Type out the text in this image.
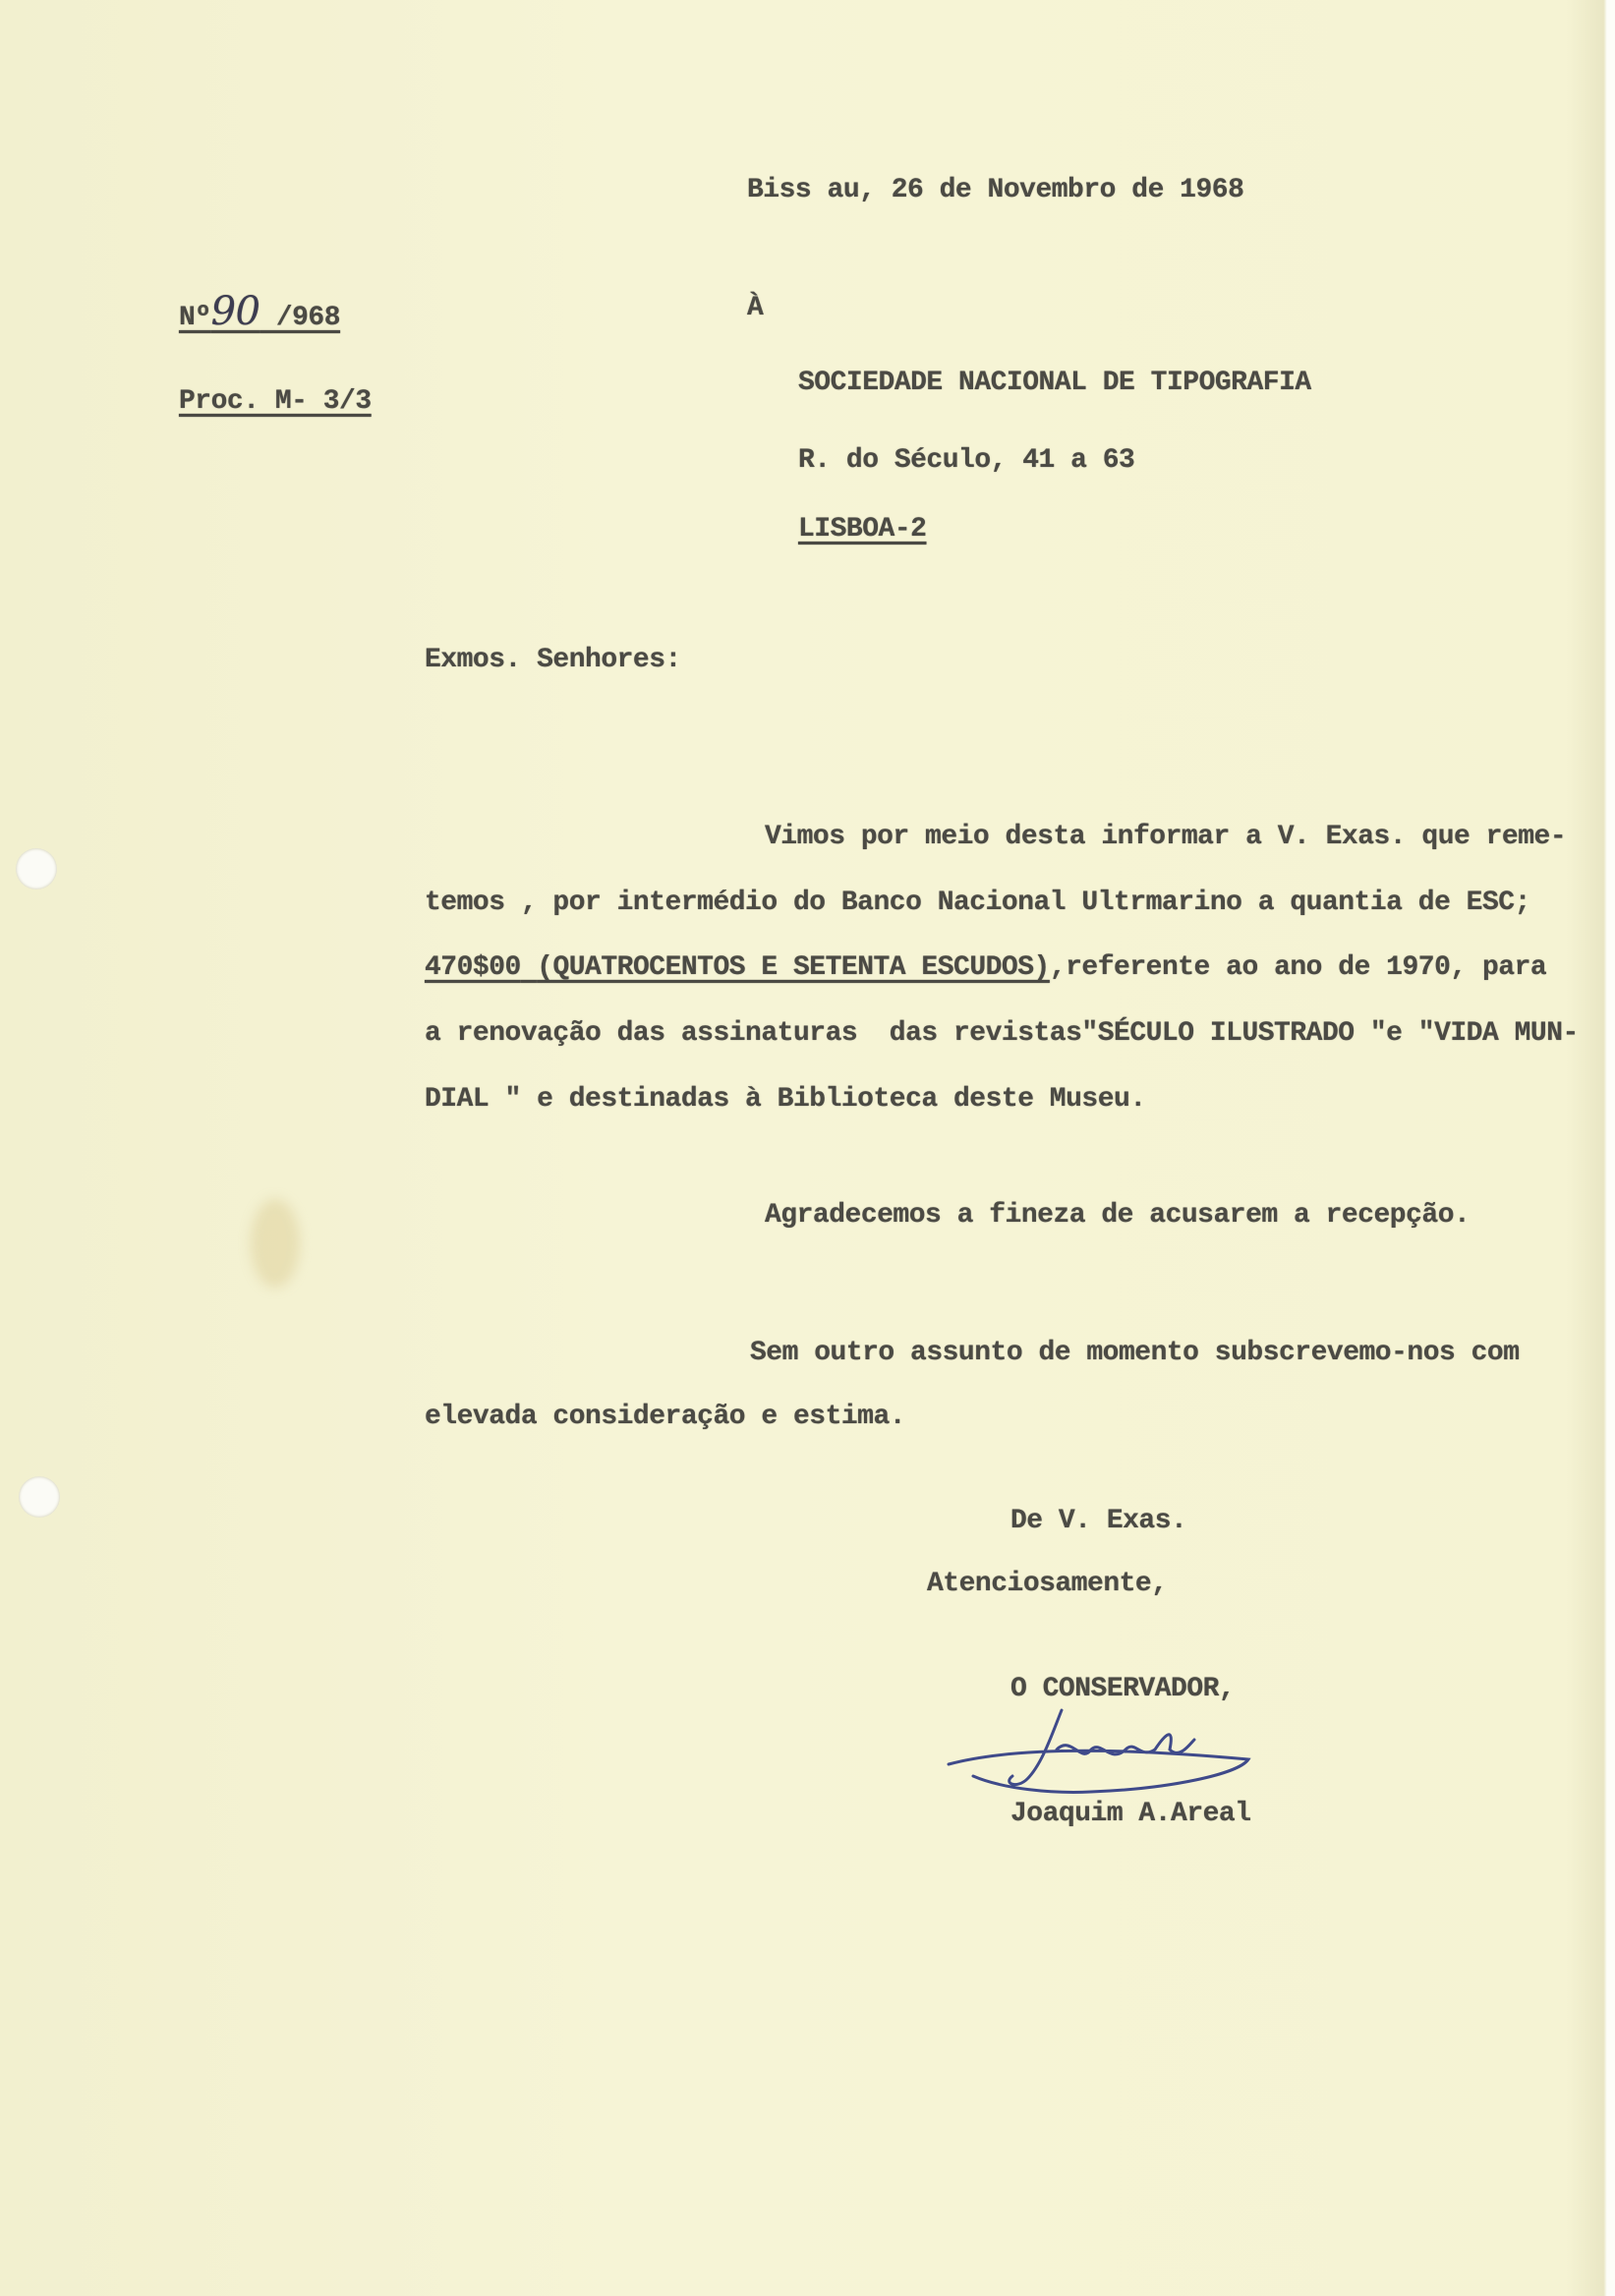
Biss au, 26 de Novembro de 1968
Nº90 /968
Proc. M- 3/3
À
SOCIEDADE NACIONAL DE TIPOGRAFIA
R. do Século, 41 a 63
LISBOA-2
Exmos. Senhores:
Vimos por meio desta informar a V. Exas. que reme-
temos , por intermédio do Banco Nacional Ultrmarino a quantia de ESC;
470$00 (QUATROCENTOS E SETENTA ESCUDOS),referente ao ano de 1970, para
a renovação das assinaturas  das revistas"SÉCULO ILUSTRADO "e "VIDA MUN-
DIAL " e destinadas à Biblioteca deste Museu.
Agradecemos a fineza de acusarem a recepção.
Sem outro assunto de momento subscrevemo-nos com
elevada consideração e estima.
De V. Exas.
Atenciosamente,
O CONSERVADOR,
Joaquim A.Areal
